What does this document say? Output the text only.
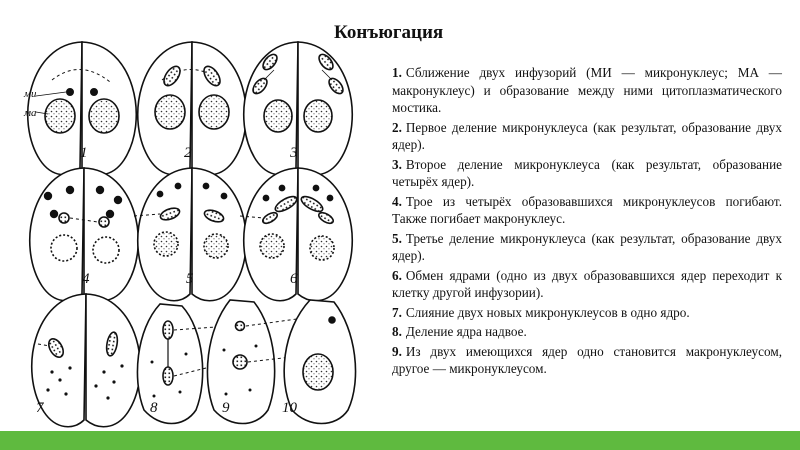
ми
ма
1	2	3
4	5	6
7	8	9	10
Конъюгация
1. Сближение двух инфузорий (МИ — микронуклеус; МА — макронуклеус) и образование между ними цитоплазматического мостика.
2. Первое деление микронуклеуса (как результат, образование двух ядер).
3. Второе деление микронуклеуса (как результат, образование четырёх ядер).
4. Трое из четырёх образовавшихся микронуклеусов погибают. Также погибает макронуклеус.
5. Третье деление микронуклеуса (как результат, образование двух ядер).
6. Обмен ядрами (одно из двух образовавшихся ядер переходит к клетку другой инфузории).
7. Слияние двух новых микронуклеусов в одно ядро.
8. Деление ядра надвое.
9. Из двух имеющихся ядер одно становится макронуклеусом, другое — микронуклеусом.
